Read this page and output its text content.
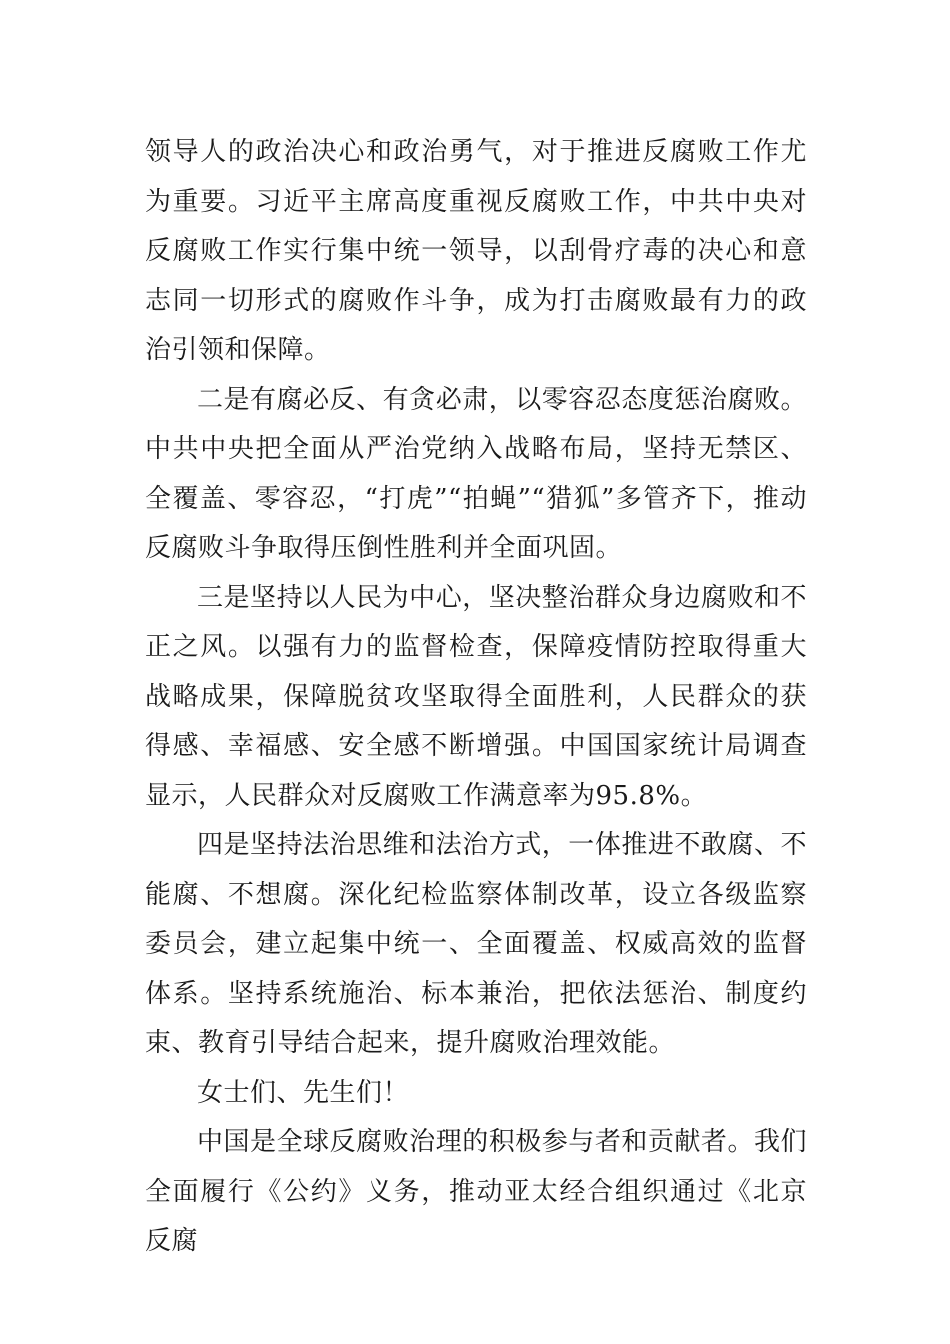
领导人的政治决心和政治勇气，对于推进反腐败工作尤为重要。习近平主席高度重视反腐败工作，中共中央对反腐败工作实行集中统一领导，以刮骨疗毒的决心和意志同一切形式的腐败作斗争，成为打击腐败最有力的政治引领和保障。

二是有腐必反、有贪必肃，以零容忍态度惩治腐败。中共中央把全面从严治党纳入战略布局，坚持无禁区、全覆盖、零容忍，“打虎”“拍蝇”“猎狐”多管齐下，推动反腐败斗争取得压倒性胜利并全面巩固。

三是坚持以人民为中心，坚决整治群众身边腐败和不正之风。以强有力的监督检查，保障疫情防控取得重大战略成果，保障脱贫攻坚取得全面胜利，人民群众的获得感、幸福感、安全感不断增强。中国国家统计局调查显示，人民群众对反腐败工作满意率为95.8%。

四是坚持法治思维和法治方式，一体推进不敢腐、不能腐、不想腐。深化纪检监察体制改革，设立各级监察委员会，建立起集中统一、全面覆盖、权威高效的监督体系。坚持系统施治、标本兼治，把依法惩治、制度约束、教育引导结合起来，提升腐败治理效能。

女士们、先生们！

中国是全球反腐败治理的积极参与者和贡献者。我们全面履行《公约》义务，推动亚太经合组织通过《北京反腐
